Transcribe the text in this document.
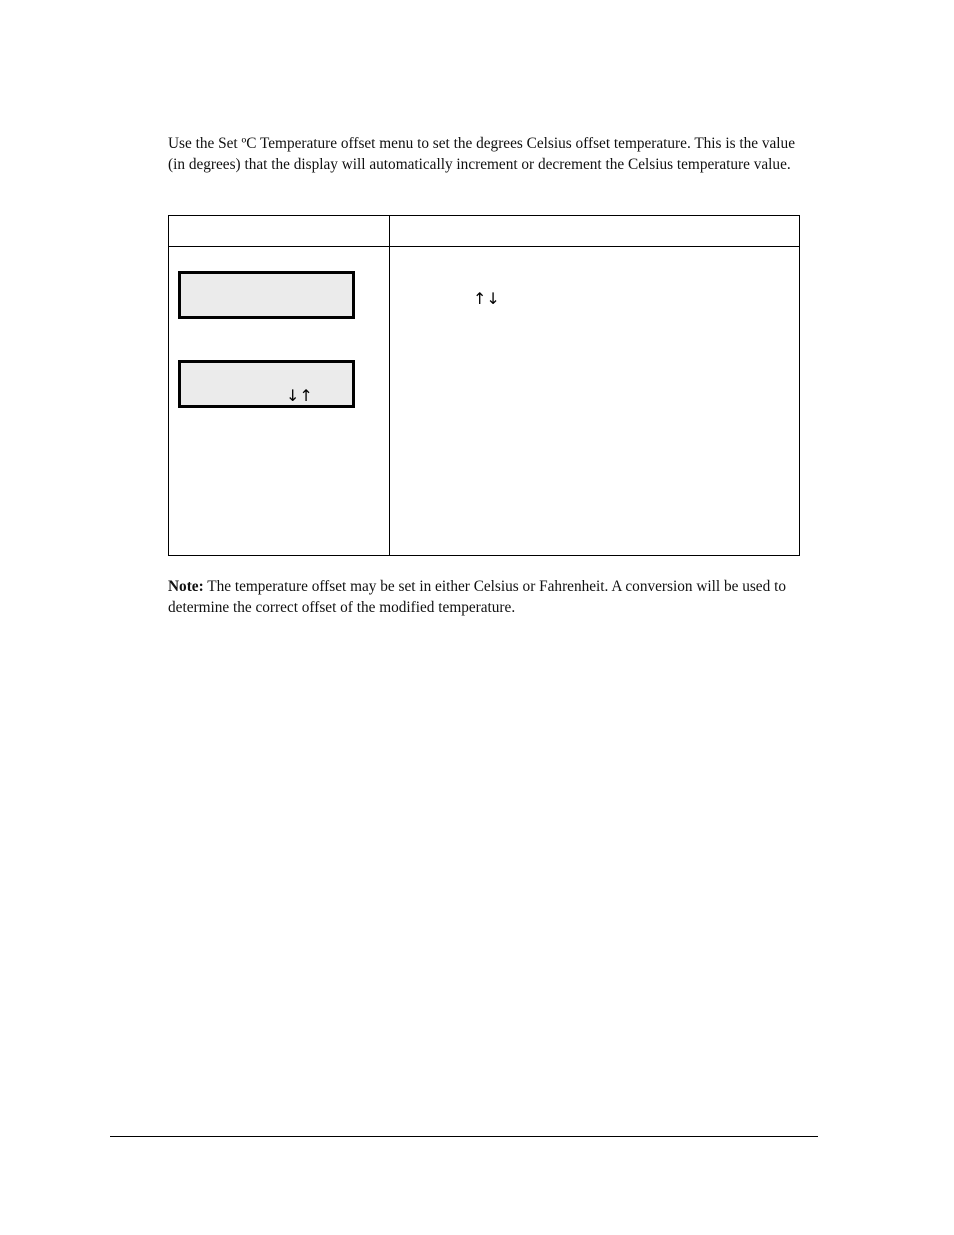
Use the Set ºC Temperature offset menu to set the degrees Celsius offset temperature. This is the value (in degrees) that the display will automatically increment or decrement the Celsius temperature value.

↓↑
↑↓

Note: The temperature offset may be set in either Celsius or Fahrenheit. A conversion will be used to determine the correct offset of the modified temperature.
